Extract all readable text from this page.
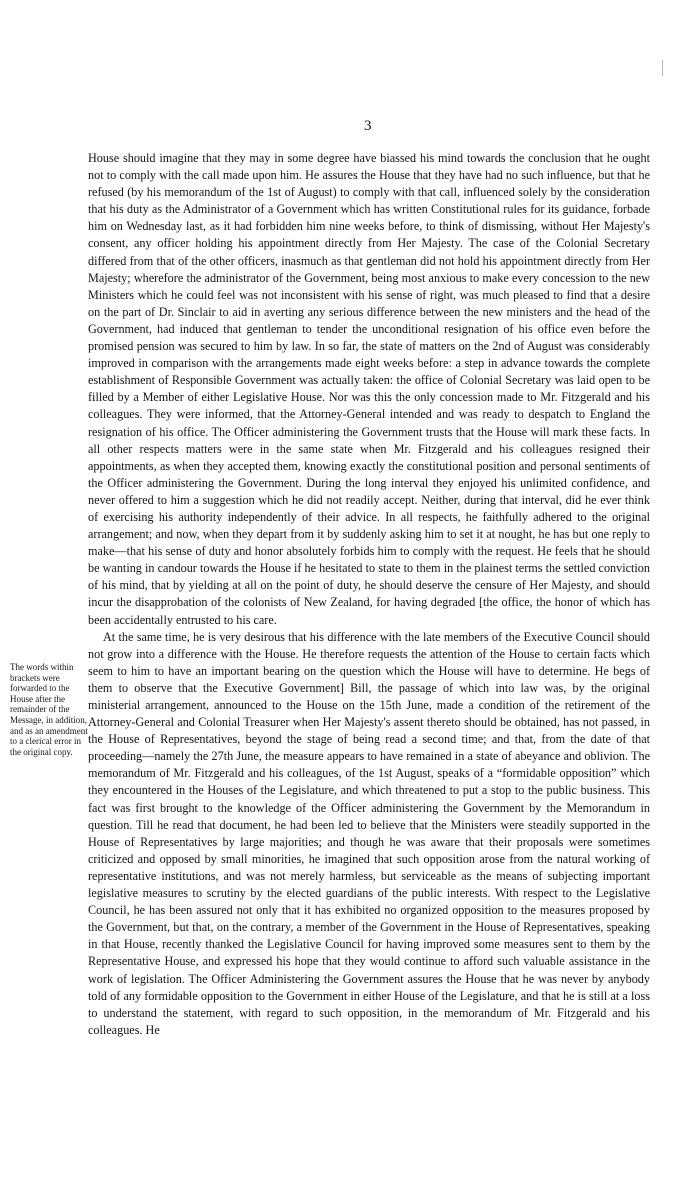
3
The words within brackets were forwarded to the House after the remainder of the Message, in addition, and as an amendment to a clerical error in the original copy.

House should imagine that they may in some degree have biassed his mind towards the conclusion that he ought not to comply with the call made upon him. He assures the House that they have had no such influence, but that he refused (by his memorandum of the 1st of August) to comply with that call, influenced solely by the consideration that his duty as the Administrator of a Government which has written Constitutional rules for its guidance, forbade him on Wednesday last, as it had forbidden him nine weeks before, to think of dismissing, without Her Majesty's consent, any officer holding his appointment directly from Her Majesty. The case of the Colonial Secretary differed from that of the other officers, inasmuch as that gentleman did not hold his appointment directly from Her Majesty; wherefore the administrator of the Government, being most anxious to make every concession to the new Ministers which he could feel was not inconsistent with his sense of right, was much pleased to find that a desire on the part of Dr. Sinclair to aid in averting any serious difference between the new ministers and the head of the Government, had induced that gentleman to tender the unconditional resignation of his office even before the promised pension was secured to him by law. In so far, the state of matters on the 2nd of August was considerably improved in comparison with the arrangements made eight weeks before: a step in advance towards the complete establishment of Responsible Government was actually taken: the office of Colonial Secretary was laid open to be filled by a Member of either Legislative House. Nor was this the only concession made to Mr. Fitzgerald and his colleagues. They were informed, that the Attorney-General intended and was ready to despatch to England the resignation of his office. The Officer administering the Government trusts that the House will mark these facts. In all other respects matters were in the same state when Mr. Fitzgerald and his colleagues resigned their appointments, as when they accepted them, knowing exactly the constitutional position and personal sentiments of the Officer administering the Government. During the long interval they enjoyed his unlimited confidence, and never offered to him a suggestion which he did not readily accept. Neither, during that interval, did he ever think of exercising his authority independently of their advice. In all respects, he faithfully adhered to the original arrangement; and now, when they depart from it by suddenly asking him to set it at nought, he has but one reply to make—that his sense of duty and honor absolutely forbids him to comply with the request. He feels that he should be wanting in candour towards the House if he hesitated to state to them in the plainest terms the settled conviction of his mind, that by yielding at all on the point of duty, he should deserve the censure of Her Majesty, and should incur the disapprobation of the colonists of New Zealand, for having degraded [the office, the honor of which has been accidentally entrusted to his care.

At the same time, he is very desirous that his difference with the late members of the Executive Council should not grow into a difference with the House. He therefore requests the attention of the House to certain facts which seem to him to have an important bearing on the question which the House will have to determine. He begs of them to observe that the Executive Government] Bill, the passage of which into law was, by the original ministerial arrangement, announced to the House on the 15th June, made a condition of the retirement of the Attorney-General and Colonial Treasurer when Her Majesty's assent thereto should be obtained, has not passed, in the House of Representatives, beyond the stage of being read a second time; and that, from the date of that proceeding—namely the 27th June, the measure appears to have remained in a state of abeyance and oblivion. The memorandum of Mr. Fitzgerald and his colleagues, of the 1st August, speaks of a “formidable opposition” which they encountered in the Houses of the Legislature, and which threatened to put a stop to the public business. This fact was first brought to the knowledge of the Officer administering the Government by the Memorandum in question. Till he read that document, he had been led to believe that the Ministers were steadily supported in the House of Representatives by large majorities; and though he was aware that their proposals were sometimes criticized and opposed by small minorities, he imagined that such opposition arose from the natural working of representative institutions, and was not merely harmless, but serviceable as the means of subjecting important legislative measures to scrutiny by the elected guardians of the public interests. With respect to the Legislative Council, he has been assured not only that it has exhibited no organized opposition to the measures proposed by the Government, but that, on the contrary, a member of the Government in the House of Representatives, speaking in that House, recently thanked the Legislative Council for having improved some measures sent to them by the Representative House, and expressed his hope that they would continue to afford such valuable assistance in the work of legislation. The Officer Administering the Government assures the House that he was never by anybody told of any formidable opposition to the Government in either House of the Legislature, and that he is still at a loss to understand the statement, with regard to such opposition, in the memorandum of Mr. Fitzgerald and his colleagues. He
